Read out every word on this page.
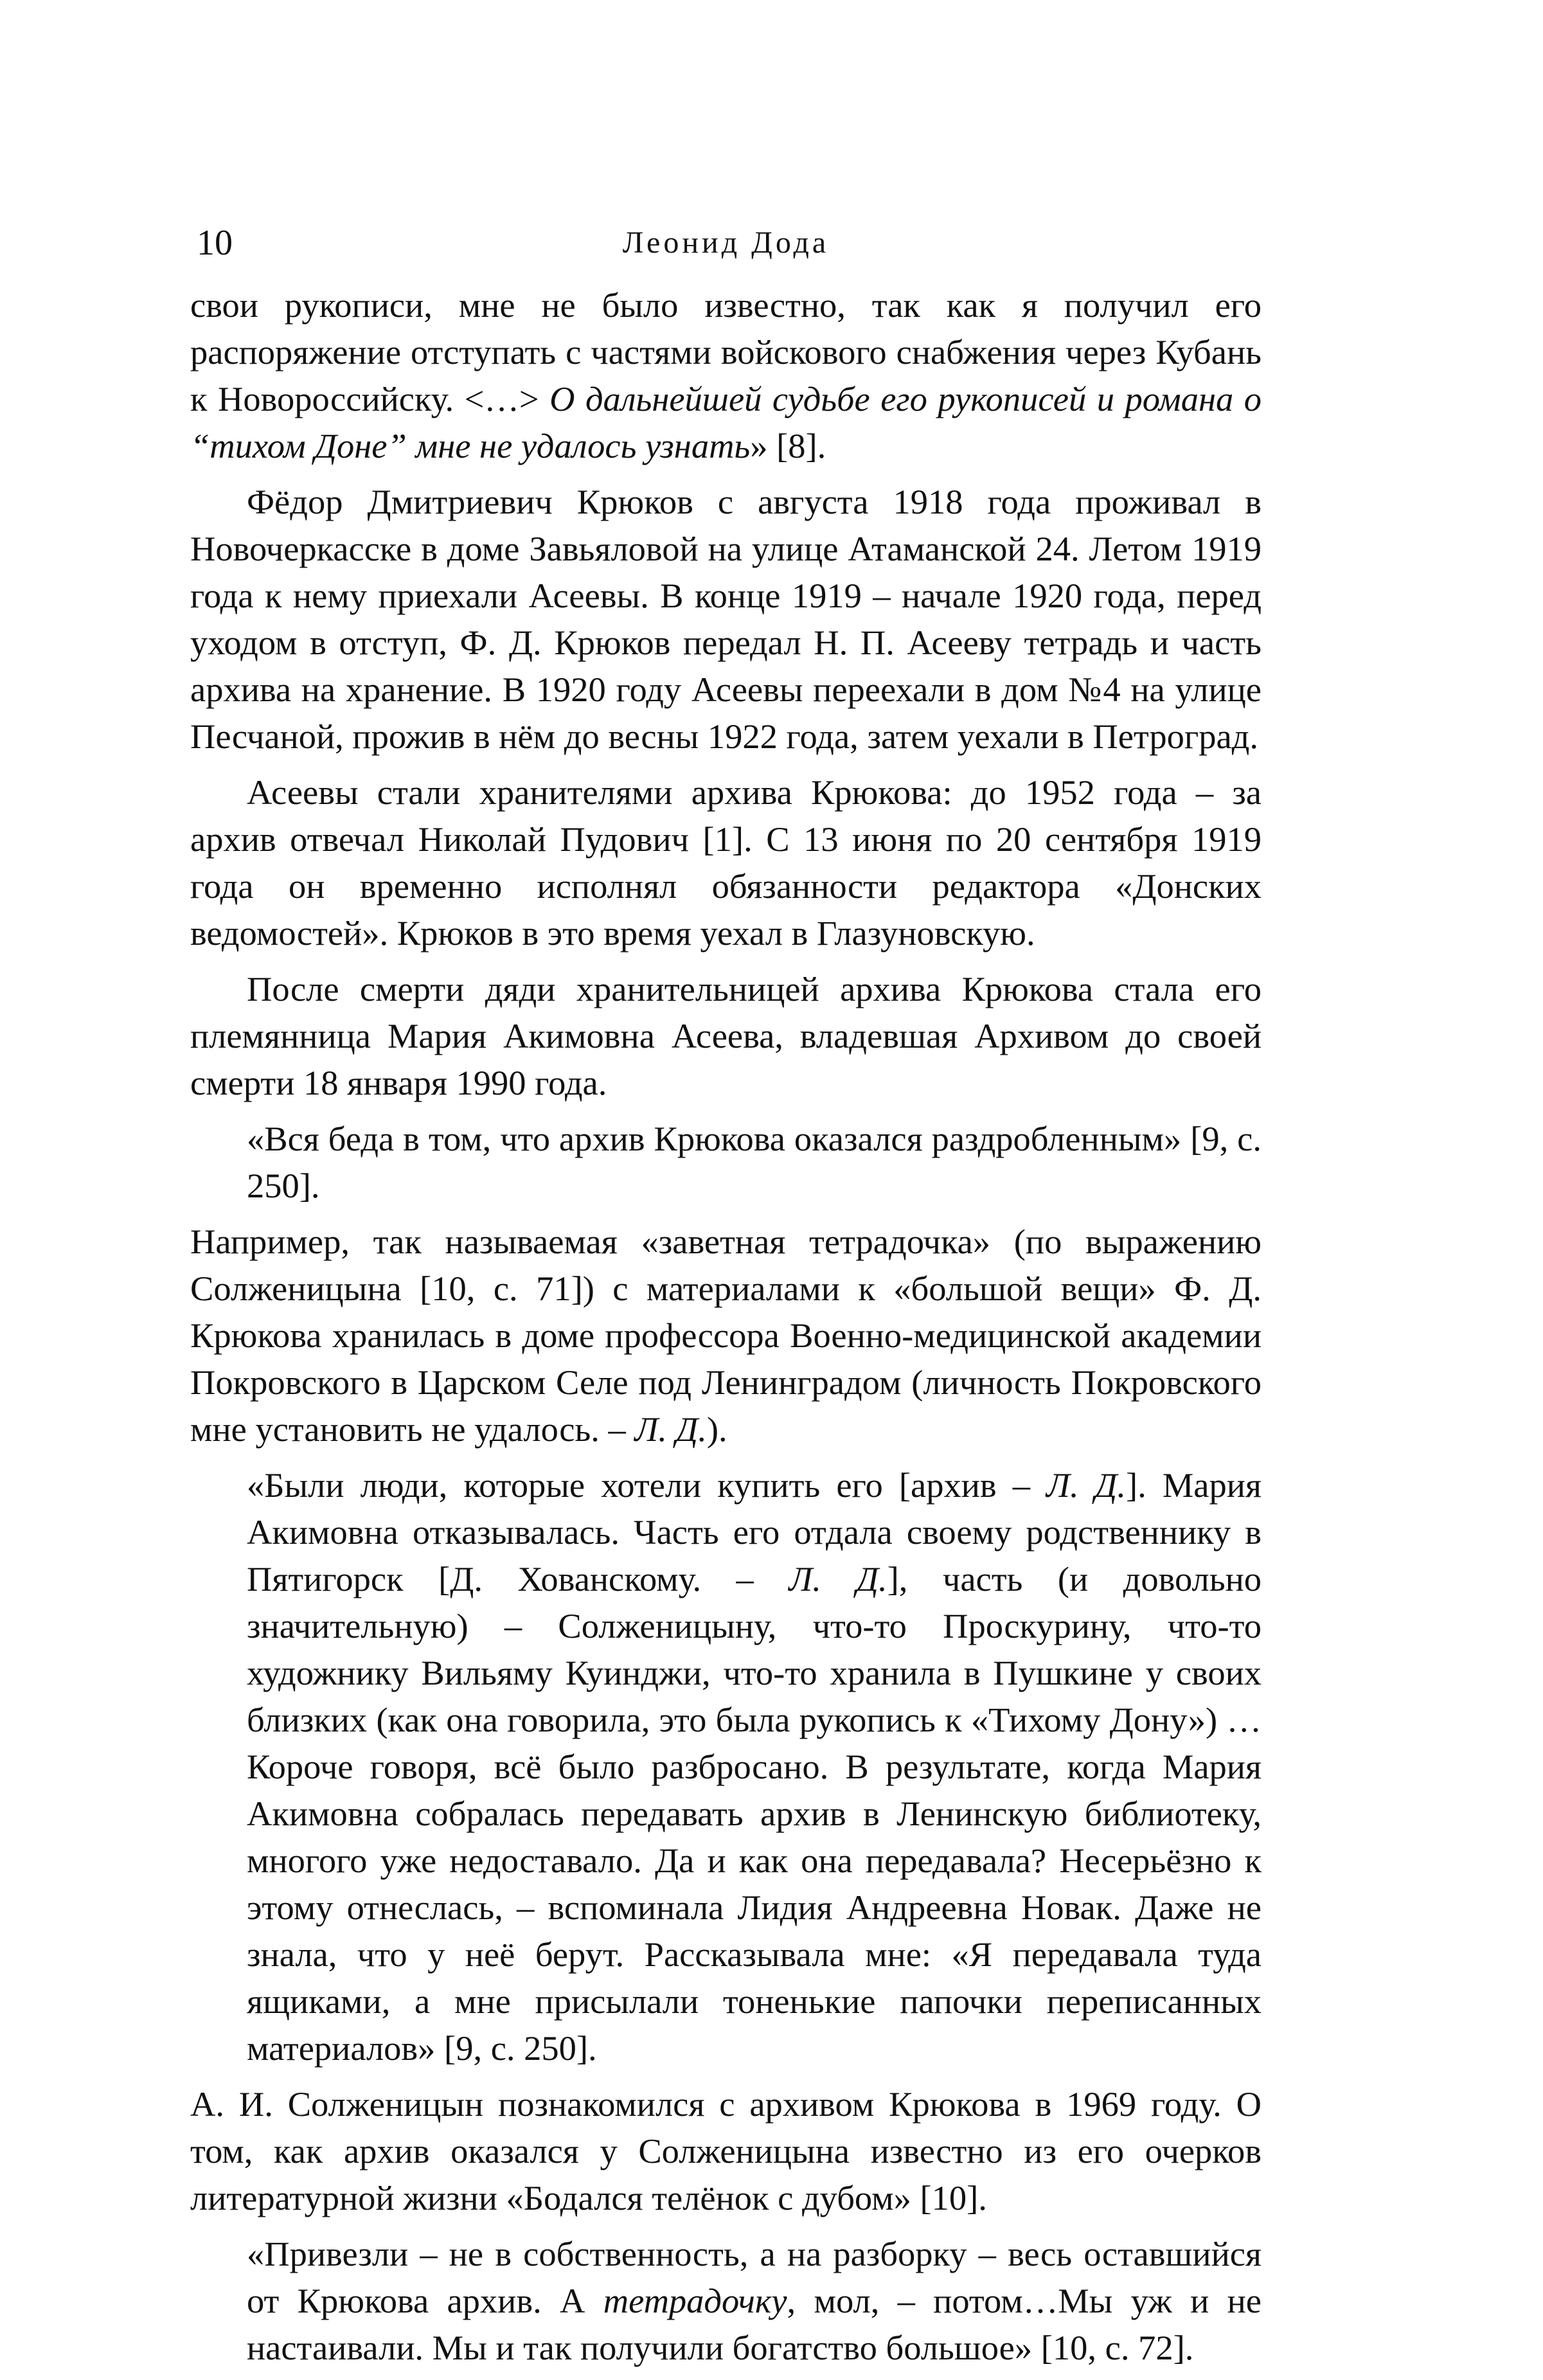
10	Леонид Дода

свои рукописи, мне не было известно, так как я получил его распоряжение отступать с частями войскового снабжения через Кубань к Новороссийску. <…> О дальнейшей судьбе его рукописей и романа о “тихом Доне” мне не удалось узнать» [8].

Фёдор Дмитриевич Крюков с августа 1918 года проживал в Новочеркасске в доме Завьяловой на улице Атаманской 24. Летом 1919 года к нему приехали Асеевы. В конце 1919 – начале 1920 года, перед уходом в отступ, Ф. Д. Крюков передал Н. П. Асееву тетрадь и часть архива на хранение. В 1920 году Асеевы переехали в дом №4 на улице Песчаной, прожив в нём до весны 1922 года, затем уехали в Петроград.

Асеевы стали хранителями архива Крюкова: до 1952 года – за архив отвечал Николай Пудович [1]. С 13 июня по 20 сентября 1919 года он временно исполнял обязанности редактора «Донских ведомостей». Крюков в это время уехал в Глазуновскую.

После смерти дяди хранительницей архива Крюкова стала его племянница Мария Акимовна Асеева, владевшая Архивом до своей смерти 18 января 1990 года.

«Вся беда в том, что архив Крюкова оказался раздробленным» [9, с. 250].

Например, так называемая «заветная тетрадочка» (по выражению Солженицына [10, с. 71]) с материалами к «большой вещи» Ф. Д. Крюкова хранилась в доме профессора Военно-медицинской академии Покровского в Царском Селе под Ленинградом (личность Покровского мне установить не удалось. – Л. Д.).

«Были люди, которые хотели купить его [архив – Л. Д.]. Мария Акимовна отказывалась. Часть его отдала своему родственнику в Пятигорск [Д. Хованскому. – Л. Д.], часть (и довольно значительную) – Солженицыну, что-то Проскурину, что-то художнику Вильяму Куинджи, что-то хранила в Пушкине у своих близких (как она говорила, это была рукопись к «Тихому Дону») …Короче говоря, всё было разбросано. В результате, когда Мария Акимовна собралась передавать архив в Ленинскую библиотеку, многого уже недоставало. Да и как она передавала? Несерьёзно к этому отнеслась, – вспоминала Лидия Андреевна Новак. Даже не знала, что у неё берут. Рассказывала мне: «Я передавала туда ящиками, а мне присылали тоненькие папочки переписанных материалов» [9, с. 250].

А. И. Солженицын познакомился с архивом Крюкова в 1969 году. О том, как архив оказался у Солженицына известно из его очерков литературной жизни «Бодался телёнок с дубом» [10].

«Привезли – не в собственность, а на разборку – весь оставшийся от Крюкова архив. А тетрадочку, мол, – потом…Мы уж и не настаивали. Мы и так получили богатство большое» [10, с. 72].
